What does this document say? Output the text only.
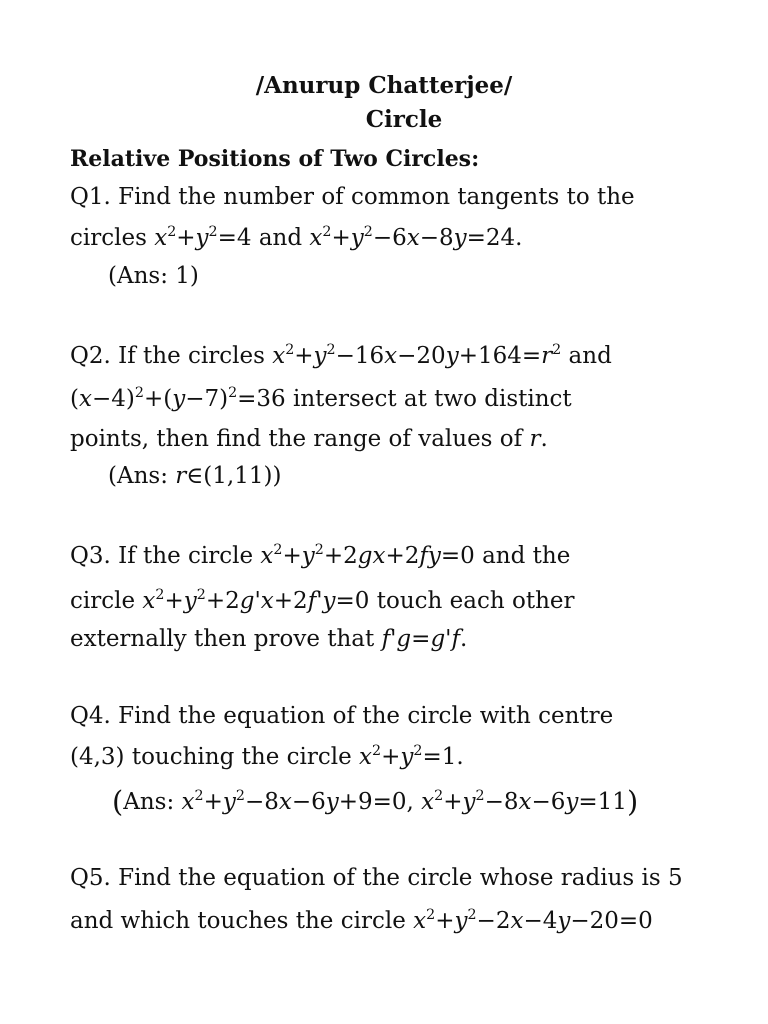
/Anurup Chatterjee/
Circle
Relative Positions of Two Circles:
Q1. Find the number of common tangents to the
circles $x^2+y^2=4$ and $x^2+y^2-6x-8y=24$.
(Ans: 1)
Q2. If the circles $x^2+y^2-16x-20y+164=r^2$ and
$(x-4)^2+(y-7)^2=36$ intersect at two distinct
points, then find the range of values of r.
(Ans: r∈(1,11))
Q3. If the circle $x^2+y^2+2gx+2fy=0$ and the
circle $x^2+y^2+2g'x+2f'y=0$ touch each other
externally then prove that f'g=g'f.
Q4. Find the equation of the circle with centre
(4,3) touching the circle $x^2+y^2=1$.
(Ans: $x^2+y^2-8x-6y+9=0$, $x^2+y^2-8x-6y=11$)
Q5. Find the equation of the circle whose radius is 5
and which touches the circle $x^2+y^2-2x-4y-20=0$
